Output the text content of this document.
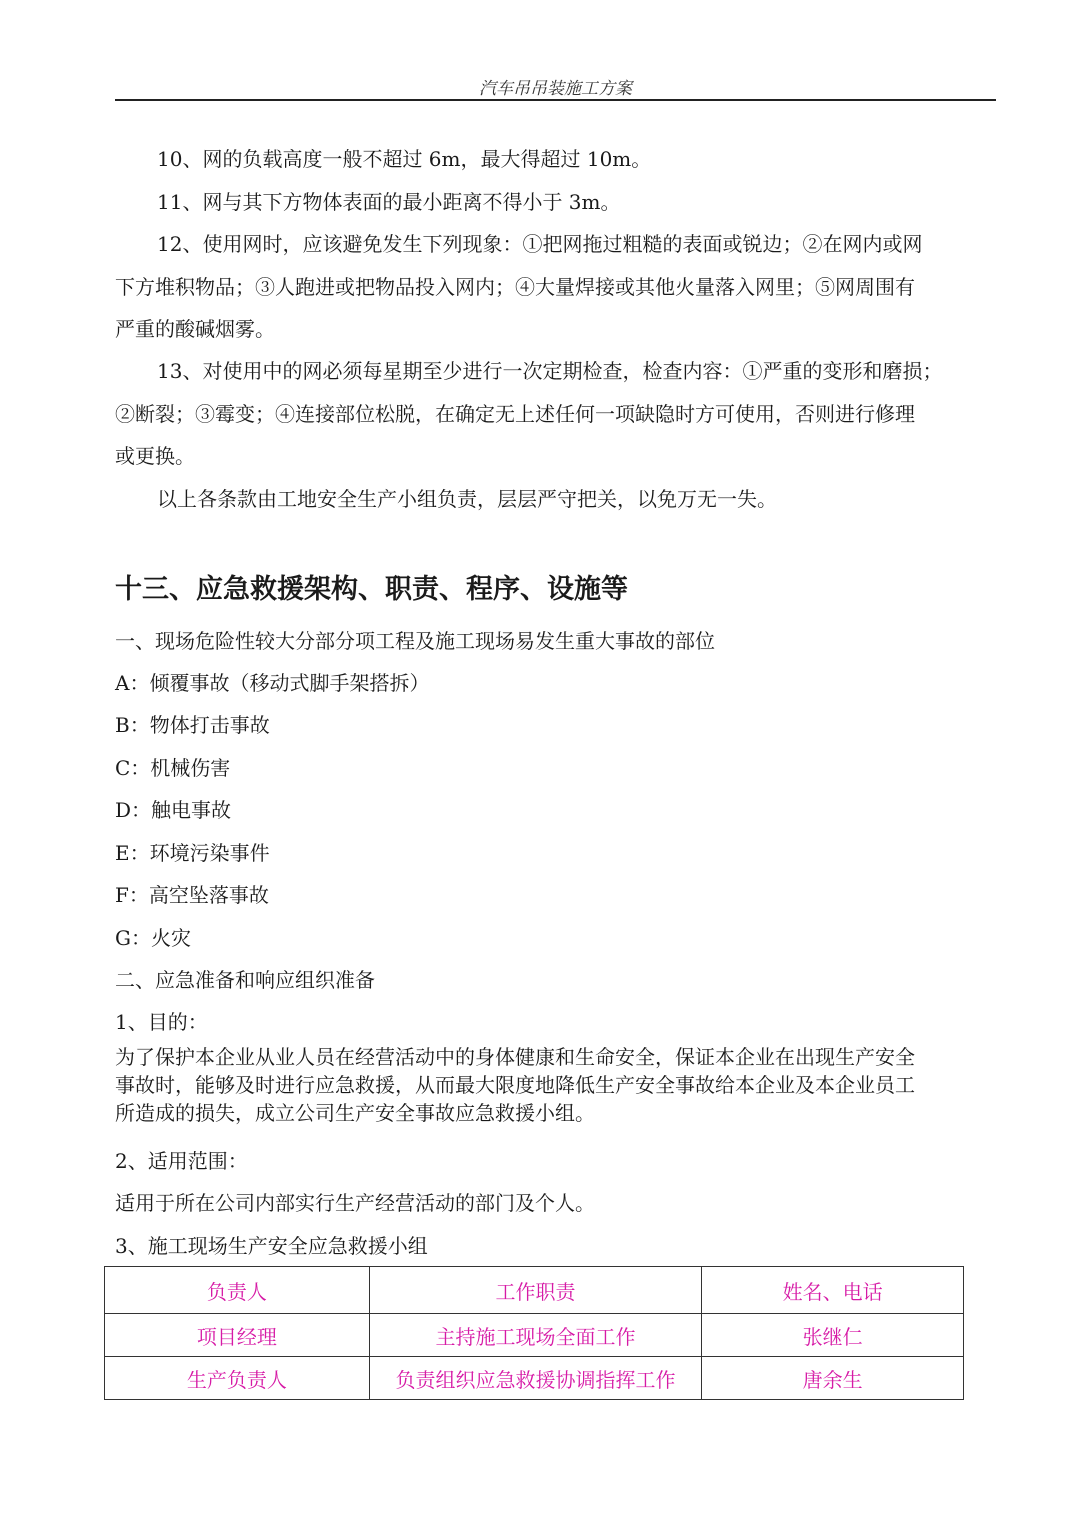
汽车吊吊装施工方案
10、网的负载高度一般不超过 6m，最大得超过 10m。
11、网与其下方物体表面的最小距离不得小于 3m。
12、使用网时，应该避免发生下列现象：①把网拖过粗糙的表面或锐边；②在网内或网
下方堆积物品；③人跑进或把物品投入网内；④大量焊接或其他火量落入网里；⑤网周围有
严重的酸碱烟雾。
13、对使用中的网必须每星期至少进行一次定期检查，检查内容：①严重的变形和磨损；
②断裂；③霉变；④连接部位松脱，在确定无上述任何一项缺隐时方可使用，否则进行修理
或更换。
以上各条款由工地安全生产小组负责，层层严守把关，以免万无一失。
十三、应急救援架构、职责、程序、设施等
一、现场危险性较大分部分项工程及施工现场易发生重大事故的部位
A：倾覆事故（移动式脚手架搭拆）
B：物体打击事故
C：机械伤害
D：触电事故
E：环境污染事件
F：高空坠落事故
G：火灾
二、应急准备和响应组织准备
1、目的：
为了保护本企业从业人员在经营活动中的身体健康和生命安全，保证本企业在出现生产安全
事故时，能够及时进行应急救援，从而最大限度地降低生产安全事故给本企业及本企业员工
所造成的损失，成立公司生产安全事故应急救援小组。
2、适用范围：
适用于所在公司内部实行生产经营活动的部门及个人。
3、施工现场生产安全应急救援小组
负责人	工作职责	姓名、电话
项目经理	主持施工现场全面工作	张继仁
生产负责人	负责组织应急救援协调指挥工作	唐余生
